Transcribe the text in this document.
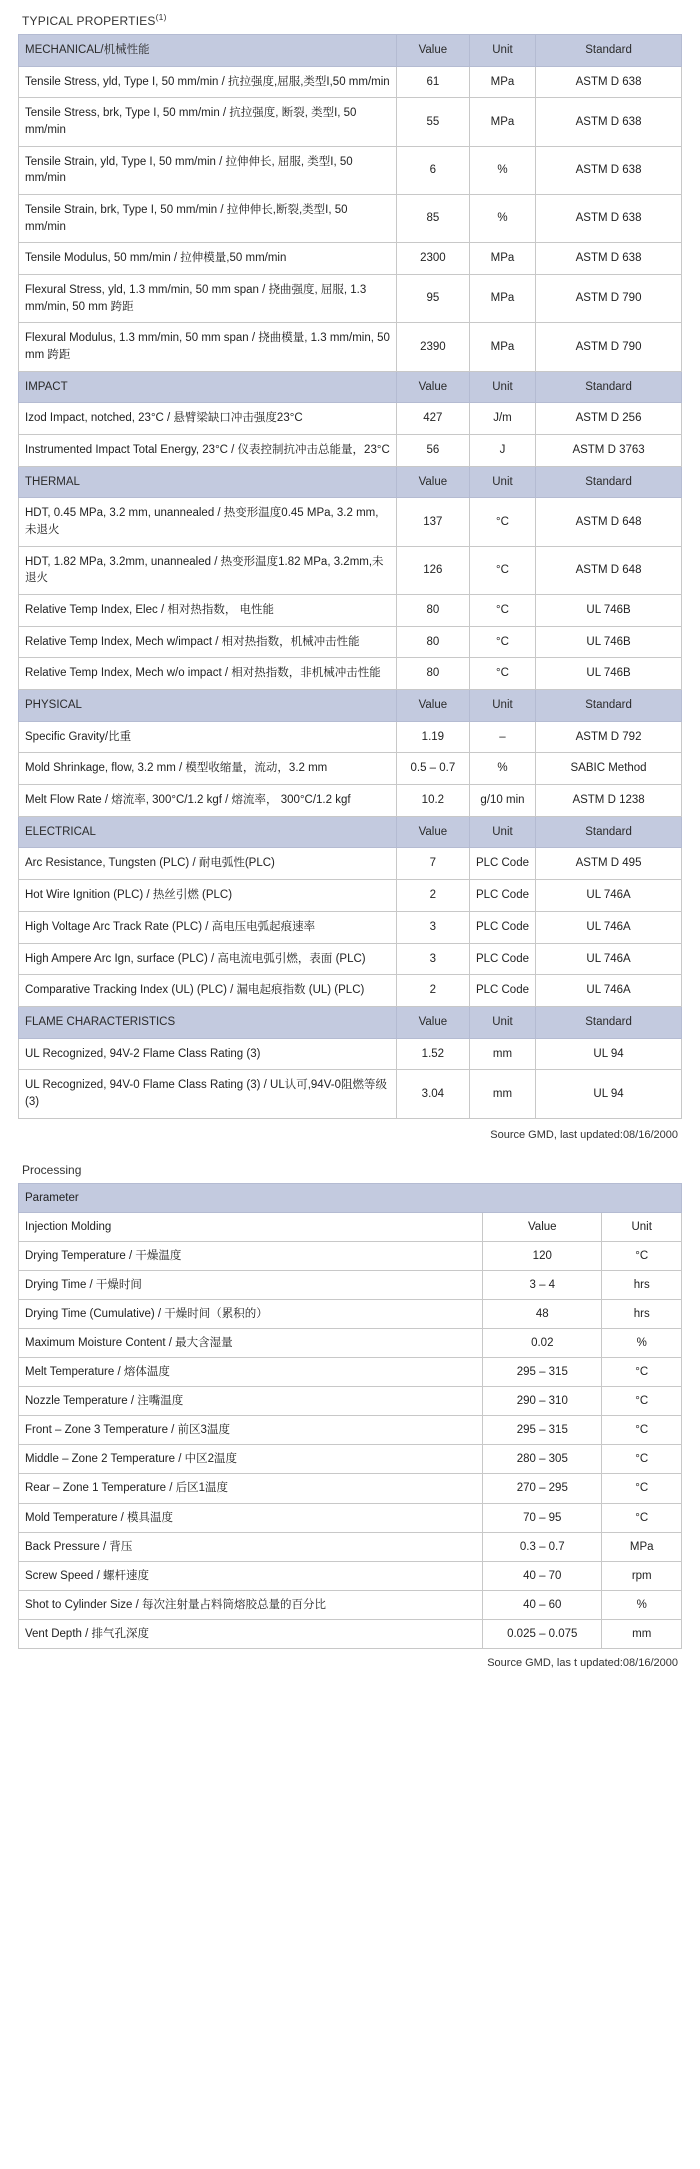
TYPICAL PROPERTIES$^{(1)}$
MECHANICAL/机械性能	Value	Unit	Standard
Tensile Stress, yld, Type I, 50 mm/min / 抗拉强度,屈服,类型I,50 mm/min	61	MPa	ASTM D 638
Tensile Stress, brk, Type I, 50 mm/min / 抗拉强度, 断裂, 类型I, 50 mm/min	55	MPa	ASTM D 638
Tensile Strain, yld, Type I, 50 mm/min / 拉伸伸长, 屈服, 类型I, 50 mm/min	6	%	ASTM D 638
Tensile Strain, brk, Type I, 50 mm/min / 拉伸伸长,断裂,类型I, 50 mm/min	85	%	ASTM D 638
Tensile Modulus, 50 mm/min / 拉伸模量,50 mm/min	2300	MPa	ASTM D 638
Flexural Stress, yld, 1.3 mm/min, 50 mm span / 挠曲强度, 屈服, 1.3 mm/min, 50 mm 跨距	95	MPa	ASTM D 790
Flexural Modulus, 1.3 mm/min, 50 mm span / 挠曲模量, 1.3 mm/min, 50 mm 跨距	2390	MPa	ASTM D 790
IMPACT	Value	Unit	Standard
Izod Impact, notched, 23°C / 悬臂梁缺口冲击强度23°C	427	J/m	ASTM D 256
Instrumented Impact Total Energy, 23°C / 仪表控制抗冲击总能量，23°C	56	J	ASTM D 3763
THERMAL	Value	Unit	Standard
HDT, 0.45 MPa, 3.2 mm, unannealed / 热变形温度0.45 MPa, 3.2 mm,未退火	137	°C	ASTM D 648
HDT, 1.82 MPa, 3.2mm, unannealed / 热变形温度1.82 MPa, 3.2mm,未退火	126	°C	ASTM D 648
Relative Temp Index, Elec / 相对热指数， 电性能	80	°C	UL 746B
Relative Temp Index, Mech w/impact / 相对热指数，机械冲击性能	80	°C	UL 746B
Relative Temp Index, Mech w/o impact / 相对热指数，非机械冲击性能	80	°C	UL 746B
PHYSICAL	Value	Unit	Standard
Specific Gravity/比重	1.19	–	ASTM D 792
Mold Shrinkage, flow, 3.2 mm / 模型收缩量，流动，3.2 mm	0.5 – 0.7	%	SABIC Method
Melt Flow Rate / 熔流率, 300°C/1.2 kgf / 熔流率， 300°C/1.2 kgf	10.2	g/10 min	ASTM D 1238
ELECTRICAL	Value	Unit	Standard
Arc Resistance, Tungsten (PLC) / 耐电弧性(PLC)	7	PLC Code	ASTM D 495
Hot Wire Ignition (PLC) / 热丝引燃 (PLC)	2	PLC Code	UL 746A
High Voltage Arc Track Rate (PLC) / 高电压电弧起痕速率	3	PLC Code	UL 746A
High Ampere Arc Ign, surface (PLC) / 高电流电弧引燃，表面 (PLC)	3	PLC Code	UL 746A
Comparative Tracking Index (UL) (PLC) / 漏电起痕指数 (UL) (PLC)	2	PLC Code	UL 746A
FLAME CHARACTERISTICS	Value	Unit	Standard
UL Recognized, 94V-2 Flame Class Rating (3)	1.52	mm	UL 94
UL Recognized, 94V-0 Flame Class Rating (3) / UL认可,94V-0阻燃等级(3)	3.04	mm	UL 94
Source GMD, last updated:08/16/2000
Processing
Parameter		
Injection Molding	Value	Unit
Drying Temperature / 干燥温度	120	°C
Drying Time / 干燥时间	3 – 4	hrs
Drying Time (Cumulative) / 干燥时间（累积的）	48	hrs
Maximum Moisture Content / 最大含湿量	0.02	%
Melt Temperature / 熔体温度	295 – 315	°C
Nozzle Temperature / 注嘴温度	290 – 310	°C
Front – Zone 3 Temperature / 前区3温度	295 – 315	°C
Middle – Zone 2 Temperature / 中区2温度	280 – 305	°C
Rear – Zone 1 Temperature / 后区1温度	270 – 295	°C
Mold Temperature / 模具温度	70 – 95	°C
Back Pressure / 背压	0.3 – 0.7	MPa
Screw Speed / 螺杆速度	40 – 70	rpm
Shot to Cylinder Size / 每次注射量占料筒熔胶总量的百分比	40 – 60	%
Vent Depth / 排气孔深度	0.025 – 0.075	mm
Source GMD, las t updated:08/16/2000
